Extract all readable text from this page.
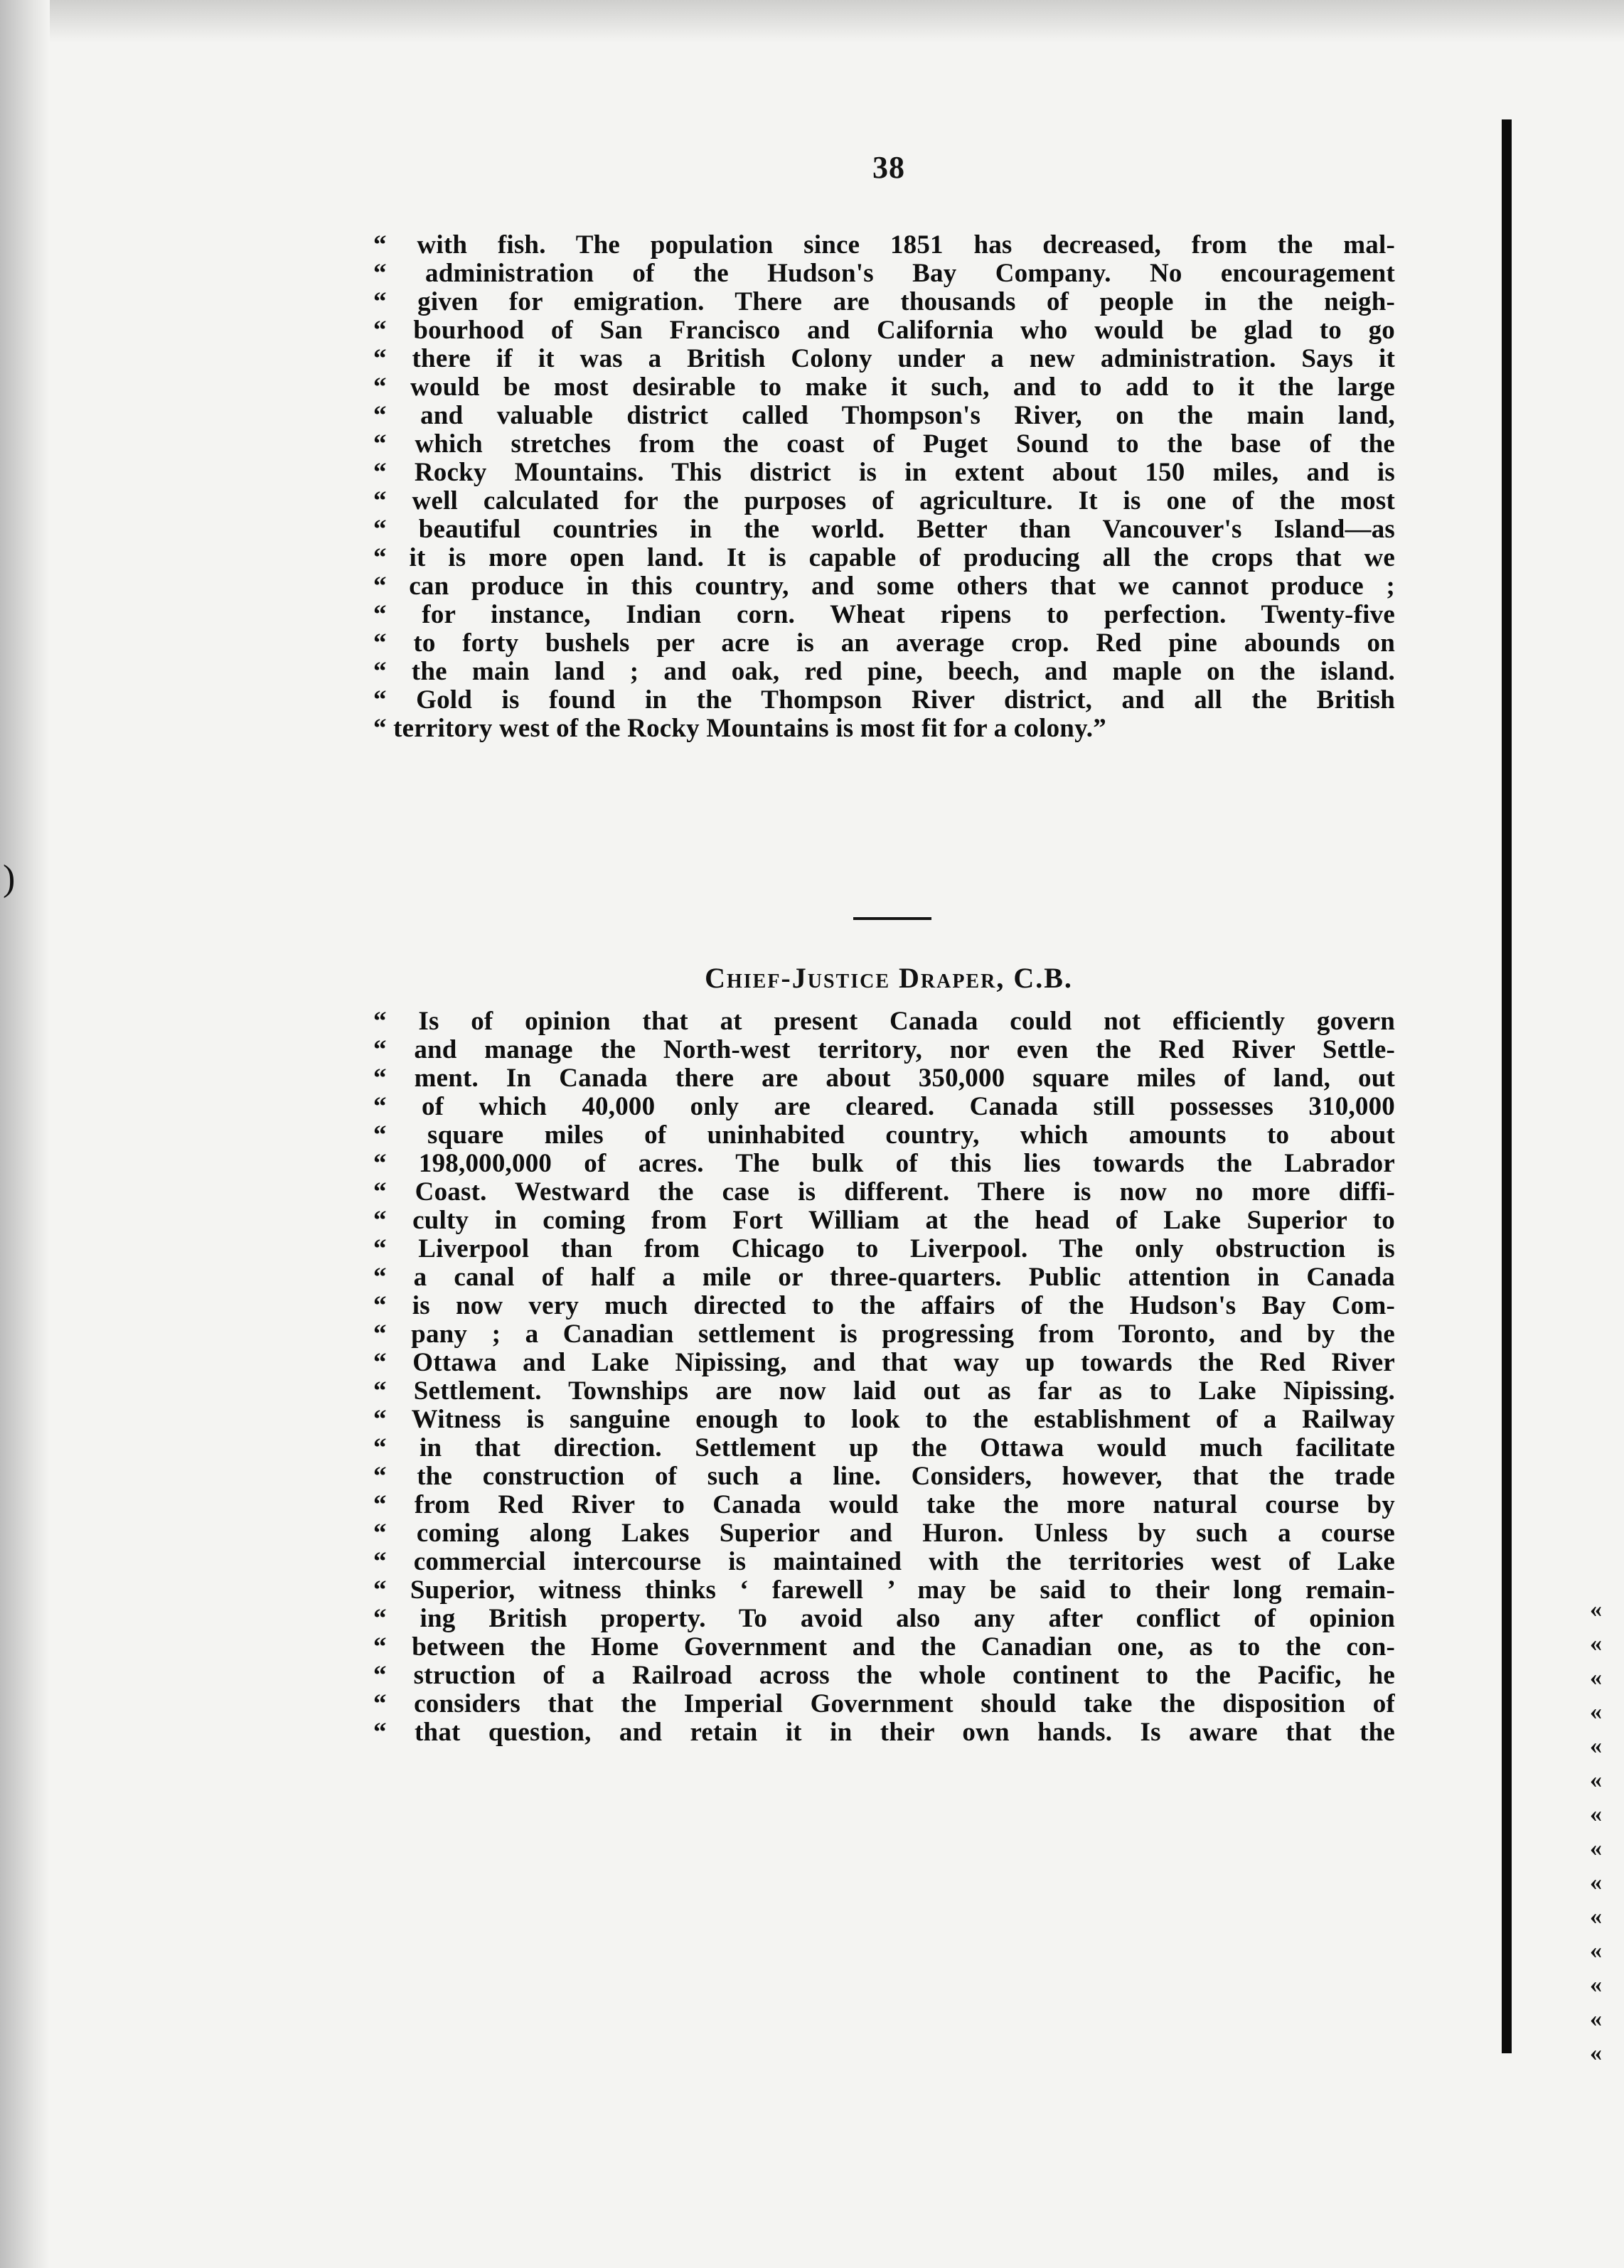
)
38
“ with fish. The population since 1851 has decreased, from the mal-
“ administration of the Hudson's Bay Company. No encouragement
“ given for emigration. There are thousands of people in the neigh-
“ bourhood of San Francisco and California who would be glad to go
“ there if it was a British Colony under a new administration. Says it
“ would be most desirable to make it such, and to add to it the large
“ and valuable district called Thompson's River, on the main land,
“ which stretches from the coast of Puget Sound to the base of the
“ Rocky Mountains. This district is in extent about 150 miles, and is
“ well calculated for the purposes of agriculture. It is one of the most
“ beautiful countries in the world. Better than Vancouver's Island—as
“ it is more open land. It is capable of producing all the crops that we
“ can produce in this country, and some others that we cannot produce ;
“ for instance, Indian corn. Wheat ripens to perfection. Twenty-five
“ to forty bushels per acre is an average crop. Red pine abounds on
“ the main land ; and oak, red pine, beech, and maple on the island.
“ Gold is found in the Thompson River district, and all the British
“ territory west of the Rocky Mountains is most fit for a colony.”
Chief-Justice Draper, C.B.
“ Is of opinion that at present Canada could not efficiently govern
“ and manage the North-west territory, nor even the Red River Settle-
“ ment. In Canada there are about 350,000 square miles of land, out
“ of which 40,000 only are cleared. Canada still possesses 310,000
“ square miles of uninhabited country, which amounts to about
“ 198,000,000 of acres. The bulk of this lies towards the Labrador
“ Coast. Westward the case is different. There is now no more diffi-
“ culty in coming from Fort William at the head of Lake Superior to
“ Liverpool than from Chicago to Liverpool. The only obstruction is
“ a canal of half a mile or three-quarters. Public attention in Canada
“ is now very much directed to the affairs of the Hudson's Bay Com-
“ pany ; a Canadian settlement is progressing from Toronto, and by the
“ Ottawa and Lake Nipissing, and that way up towards the Red River
“ Settlement. Townships are now laid out as far as to Lake Nipissing.
“ Witness is sanguine enough to look to the establishment of a Railway
“ in that direction. Settlement up the Ottawa would much facilitate
“ the construction of such a line. Considers, however, that the trade
“ from Red River to Canada would take the more natural course by
“ coming along Lakes Superior and Huron. Unless by such a course
“ commercial intercourse is maintained with the territories west of Lake
“ Superior, witness thinks ‘ farewell ’ may be said to their long remain-
“ ing British property. To avoid also any after conflict of opinion
“ between the Home Government and the Canadian one, as to the con-
“ struction of a Railroad across the whole continent to the Pacific, he
“ considers that the Imperial Government should take the disposition of
“ that question, and retain it in their own hands. Is aware that the
«
«
«
«
«
«
«
«
«
«
«
«
«
«
